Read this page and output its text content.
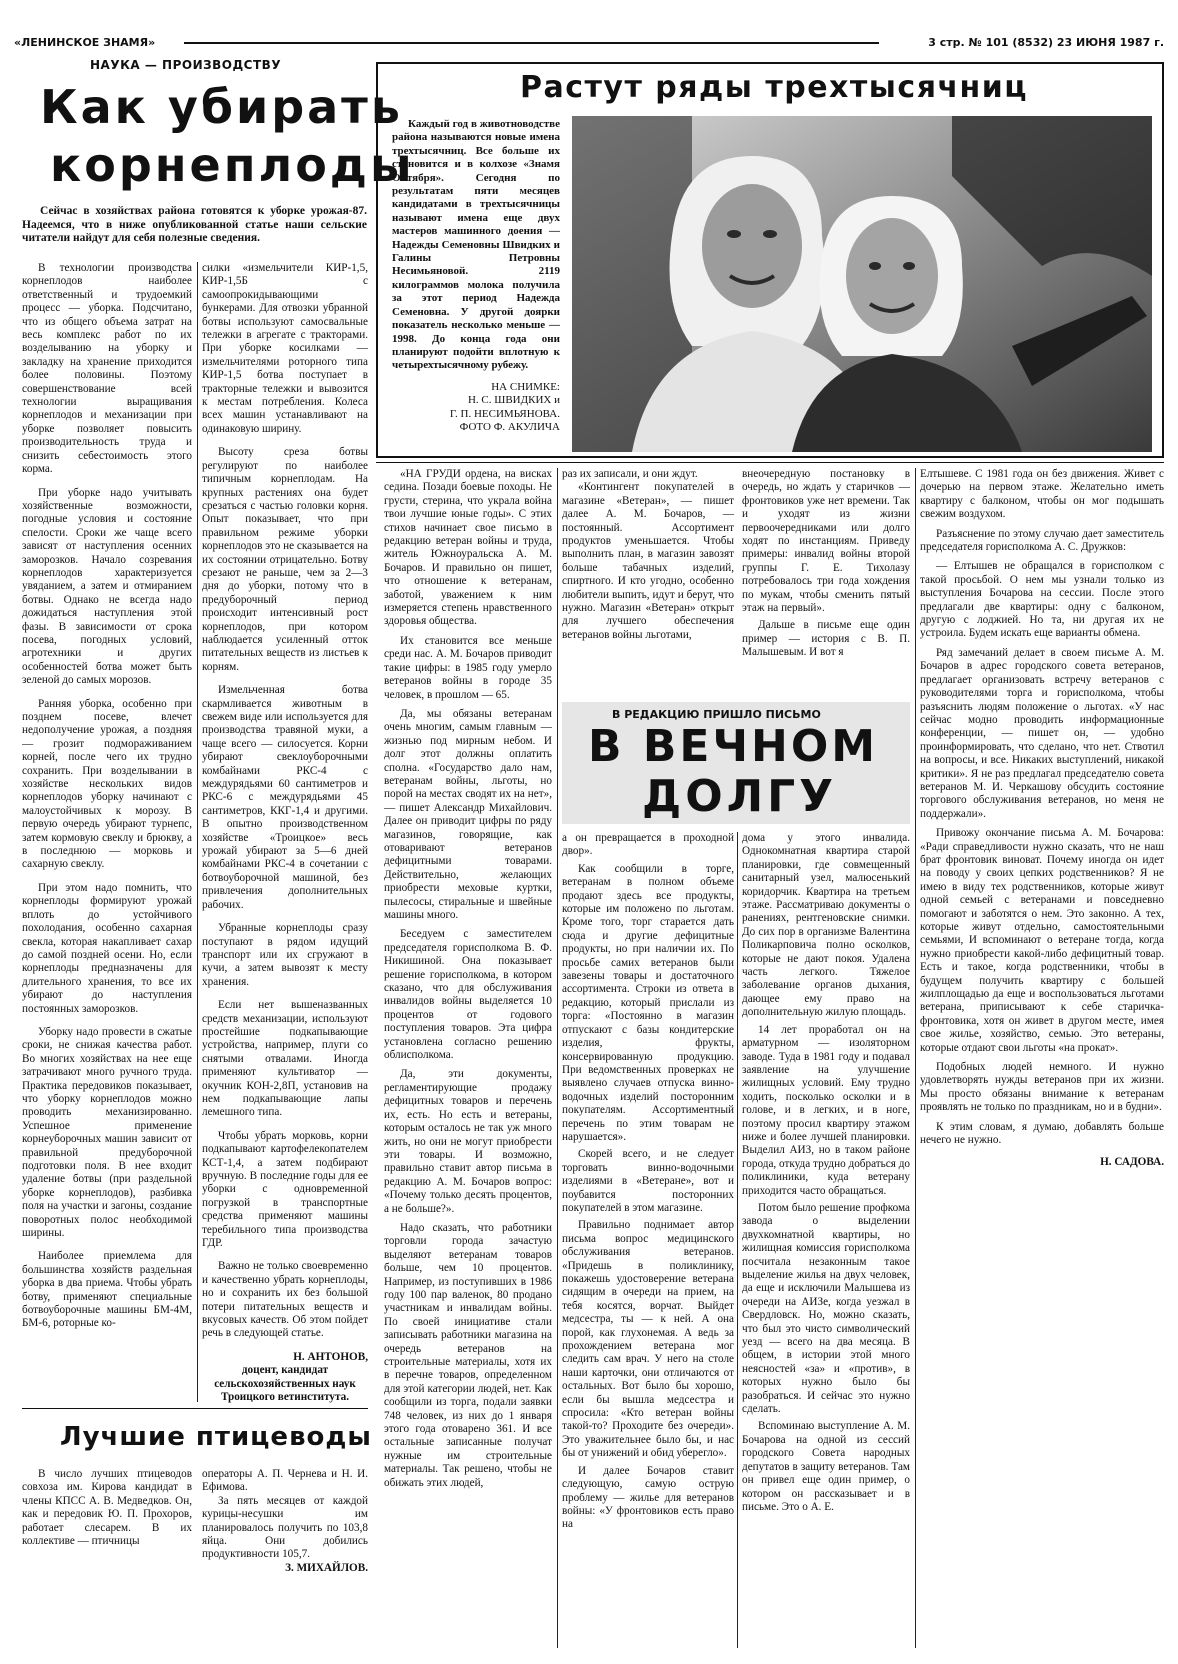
«ЛЕНИНСКОЕ ЗНАМЯ»	3 стр. № 101 (8532) 23 ИЮНЯ 1987 г.
НАУКА — ПРОИЗВОДСТВУ
Как убирать
корнеплоды
Сейчас в хозяйствах района готовятся к уборке урожая-87. Надеемся, что в ниже опубликованной статье наши сельские читатели найдут для себя полезные сведения.

В технологии производства корнеплодов наиболее ответственный и трудоемкий процесс — уборка. Подсчитано, что из общего объема затрат на весь комплекс работ по их возделыванию на уборку и закладку на хранение приходится более половины. Поэтому совершенствование всей технологии выращивания корнеплодов и механизации при уборке позволяет повысить производительность труда и снизить себестоимость этого корма.

При уборке надо учитывать хозяйственные возможности, погодные условия и состояние спелости. Сроки же чаще всего зависят от наступления осенних заморозков. Начало созревания корнеплодов характеризуется увяданием, а затем и отмиранием ботвы. Однако не всегда надо дожидаться наступления этой фазы. В зависимости от срока посева, погодных условий, агротехники и других особенностей ботва может быть зеленой до самых морозов.

Ранняя уборка, особенно при позднем посеве, влечет недополучение урожая, а поздняя — грозит подмораживанием корней, после чего их трудно сохранить. При возделывании в хозяйстве нескольких видов корнеплодов уборку начинают с малоустойчивых к морозу. В первую очередь убирают турнепс, затем кормовую свеклу и брюкву, а в последнюю — морковь и сахарную свеклу.

При этом надо помнить, что корнеплоды формируют урожай вплоть до устойчивого похолодания, особенно сахарная свекла, которая накапливает сахар до самой поздней осени. Но, если корнеплоды предназначены для длительного хранения, то все их убирают до наступления постоянных заморозков.

Уборку надо провести в сжатые сроки, не снижая качества работ. Во многих хозяйствах на нее еще затрачивают много ручного труда. Практика передовиков показывает, что уборку корнеплодов можно проводить механизированно. Успешное применение корнеуборочных машин зависит от правильной предуборочной подготовки поля. В нее входит удаление ботвы (при раздельной уборке корнеплодов), разбивка поля на участки и загоны, создание поворотных полос необходимой ширины.

Наиболее приемлема для большинства хозяйств раздельная уборка в два приема. Чтобы убрать ботву, применяют специальные ботвоуборочные машины БМ-4М, БМ-6, роторные ко-

силки «измельчители КИР-1,5, КИР-1,5Б с самоопрокидывающими бункерами. Для отвозки убранной ботвы используют самосвальные тележки в агрегате с тракторами. При уборке косилками — измельчителями роторного типа КИР-1,5 ботва поступает в тракторные тележки и вывозится к местам потребления. Колеса всех машин устанавливают на одинаковую ширину.

Высоту среза ботвы регулируют по наиболее типичным корнеплодам. На крупных растениях она будет срезаться с частью головки корня. Опыт показывает, что при правильном режиме уборки корнеплодов это не сказывается на их состоянии отрицательно. Ботву срезают не раньше, чем за 2—3 дня до уборки, потому что в предуборочный период происходит интенсивный рост корнеплодов, при котором наблюдается усиленный отток питательных веществ из листьев к корням.

Измельченная ботва скармливается животным в свежем виде или используется для производства травяной муки, а чаще всего — силосуется. Корни убирают свеклоуборочными комбайнами РКС-4 с междурядьями 60 сантиметров и РКС-6 с междурядьями 45 сантиметров, ККГ-1,4 и другими. В опытно производственном хозяйстве «Троицкое» весь урожай убирают за 5—6 дней комбайнами РКС-4 в сочетании с ботвоуборочной машиной, без привлечения дополнительных рабочих.

Убранные корнеплоды сразу поступают в рядом идущий транспорт или их сгружают в кучи, а затем вывозят к месту хранения.

Если нет вышеназванных средств механизации, используют простейшие подкапывающие устройства, например, плуги со снятыми отвалами. Иногда применяют культиватор — окучник КОН-2,8П, установив на нем подкапывающие лапы лемешного типа.

Чтобы убрать морковь, корни подкапывают картофелекопателем КСТ-1,4, а затем подбирают вручную. В последние годы для ее уборки с одновременной погрузкой в транспортные средства применяют машины теребильного типа производства ГДР.

Важно не только своевременно и качественно убрать корнеплоды, но и сохранить их без большой потери питательных веществ и вкусовых качеств. Об этом пойдет речь в следующей статье.

Н. АНТОНОВ,

доцент, кандидат сельскохозяйственных наук Троицкого ветинститута.

Лучшие птицеводы

В число лучших птицеводов совхоза им. Кирова кандидат в члены КПСС А. В. Медведков. Он, как и передовик Ю. П. Прохоров, работает слесарем. В их коллективе — птичницы

операторы А. П. Чернева и Н. И. Ефимова.

За пять месяцев от каждой курицы-несушки им планировалось получить по 103,8 яйца. Они добились продуктивности 105,7.

З. МИХАЙЛОВ.

Растут ряды трехтысячниц

Каждый год в животноводстве района называются новые имена трехтысячниц. Все больше их становится и в колхозе «Знамя Октября». Сегодня по результатам пяти месяцев кандидатами в трехтысячницы называют имена еще двух мастеров машинного доения — Надежды Семеновны Швидких и Галины Петровны Несимьяновой. 2119 килограммов молока получила за этот период Надежда Семеновна. У другой доярки показатель несколько меньше — 1998. До конца года они планируют подойти вплотную к четырехтысячному рубежу.

НА СНИМКЕ:
Н. С. ШВИДКИХ и
Г. П. НЕСИМЬЯНОВА.
ФОТО Ф. АКУЛИЧА

«НА ГРУДИ ордена, на висках седина. Позади боевые походы. Не грусти, стерина, что украла война твои лучшие юные годы». С этих стихов начинает свое письмо в редакцию ветеран войны и труда, житель Южноуральска А. М. Бочаров. И правильно он пишет, что отношение к ветеранам, заботой, уважением к ним измеряется степень нравственного здоровья общества.

Их становится все меньше среди нас. А. М. Бочаров приводит такие цифры: в 1985 году умерло ветеранов войны в городе 35 человек, в прошлом — 65.

Да, мы обязаны ветеранам очень многим, самым главным — жизнью под мирным небом. И долг этот должны оплатить сполна. «Государство дало нам, ветеранам войны, льготы, но порой на местах сводят их на нет», — пишет Александр Михайлович. Далее он приводит цифры по ряду магазинов, говорящие, как отоваривают ветеранов дефицитными товарами. Действительно, желающих приобрести меховые куртки, пылесосы, стиральные и швейные машины много.

Беседуем с заместителем председателя горисполкома В. Ф. Никишиной. Она показывает решение горисполкома, в котором сказано, что для обслуживания инвалидов войны выделяется 10 процентов от годового поступления товаров. Эта цифра установлена согласно решению облисполкома.

Да, эти документы, регламентирующие продажу дефицитных товаров и перечень их, есть. Но есть и ветераны, которым осталось не так уж много жить, но они не могут приобрести эти товары. И возможно, правильно ставит автор письма в редакцию А. М. Бочаров вопрос: «Почему только десять процентов, а не больше?».

Надо сказать, что работники торговли города зачастую выделяют ветеранам товаров больше, чем 10 процентов. Например, из поступивших в 1986 году 100 пар валенок, 80 продано участникам и инвалидам войны. По своей инициативе стали записывать работники магазина на очередь ветеранов на строительные материалы, хотя их в перечне товаров, определенном для этой категории людей, нет. Как сообщили из торга, подали заявки 748 человек, из них до 1 января этого года отоварено 361. И все остальные записанные получат нужные им строительные материалы. Так решено, чтобы не обижать этих людей,

раз их записали, и они ждут.

«Контингент покупателей в магазине «Ветеран», — пишет далее А. М. Бочаров, — постоянный. Ассортимент продуктов уменьшается. Чтобы выполнить план, в магазин завозят больше табачных изделий, спиртного. И кто угодно, особенно любители выпить, идут и берут, что нужно. Магазин «Ветеран» открыт для лучшего обеспечения ветеранов войны льготами,

внеочередную постановку в очередь, но ждать у старичков — фронтовиков уже нет времени. Так и уходят из жизни первоочередниками или долго ходят по инстанциям. Приведу примеры: инвалид войны второй группы Г. Е. Тихолазу потребовалось три года хождения по мукам, чтобы сменить пятый этаж на первый».

Дальше в письме еще один пример — история с В. П. Малышевым. И вот я

В РЕДАКЦИЮ ПРИШЛО ПИСЬМО
В ВЕЧНОМ
ДОЛГУ

а он превращается в проходной двор».

Как сообщили в торге, ветеранам в полном объеме продают здесь все продукты, которые им положено по льготам. Кроме того, торг старается дать сюда и другие дефицитные продукты, но при наличии их. По просьбе самих ветеранов были завезены товары и достаточного ассортимента. Строки из ответа в редакцию, который прислали из торга: «Постоянно в магазин отпускают с базы кондитерские изделия, фрукты, консервированную продукцию. При ведомственных проверках не выявлено случаев отпуска винно-водочных изделий посторонним покупателям. Ассортиментный перечень по этим товарам не нарушается».

Скорей всего, и не следует торговать винно-водочными изделиями в «Ветеране», вот и поубавится посторонних покупателей в этом магазине.

Правильно поднимает автор письма вопрос медицинского обслуживания ветеранов. «Придешь в поликлинику, покажешь удостоверение ветерана сидящим в очереди на прием, на тебя косятся, ворчат. Выйдет медсестра, ты — к ней. А она порой, как глухонемая. А ведь за прохождением ветерана мог следить сам врач. У него на столе наши карточки, они отличаются от остальных. Вот было бы хорошо, если бы вышла медсестра и спросила: «Кто ветеран войны такой-то? Проходите без очереди». Это уважительнее было бы, и нас бы от унижений и обид уберегло».

И далее Бочаров ставит следующую, самую острую проблему — жилье для ветеранов войны: «У фронтовиков есть право на

дома у этого инвалида. Однокомнатная квартира старой планировки, где совмещенный санитарный узел, малюсенький коридорчик. Квартира на третьем этаже. Рассматриваю документы о ранениях, рентгеновские снимки. До сих пор в организме Валентина Поликарповича полно осколков, которые не дают покоя. Удалена часть легкого. Тяжелое заболевание органов дыхания, дающее ему право на дополнительную жилую площадь.

14 лет проработал он на арматурном — изоляторном заводе. Туда в 1981 году и подавал заявление на улучшение жилищных условий. Ему трудно ходить, посколько осколки и в голове, и в легких, и в ноге, поэтому просил квартиру этажом ниже и более лучшей планировки. Выделил АИЗ, но в таком районе города, откуда трудно добраться до поликлиники, куда ветерану приходится часто обращаться.

Потом было решение профкома завода о выделении двухкомнатной квартиры, но жилищная комиссия горисполкома посчитала незаконным такое выделение жилья на двух человек, да еще и исключили Малышева из очереди на АИЗе, когда уезжал в Свердловск. Но, можно сказать, что был это чисто символический уезд — всего на два месяца. В общем, в истории этой много неясностей «за» и «против», в которых нужно было бы разобраться. И сейчас это нужно сделать.

Вспоминаю выступление А. М. Бочарова на одной из сессий городского Совета народных депутатов в защиту ветеранов. Там он привел еще один пример, о котором он рассказывает и в письме. Это о А. Е.

Елтышеве. С 1981 года он без движения. Живет с дочерью на первом этаже. Желательно иметь квартиру с балконом, чтобы он мог подышать свежим воздухом.

Разъяснение по этому случаю дает заместитель председателя горисполкома А. С. Дружков:

— Елтышев не обращался в горисполком с такой просьбой. О нем мы узнали только из выступления Бочарова на сессии. После этого предлагали две квартиры: одну с балконом, другую с лоджией. Но та, ни другая их не устроила. Будем искать еще варианты обмена.

Ряд замечаний делает в своем письме А. М. Бочаров в адрес городского совета ветеранов, предлагает организовать встречу ветеранов с руководителями торга и горисполкома, чтобы разъяснить людям положение о льготах. «У нас сейчас модно проводить информационные конференции, — пишет он, — удобно проинформировать, что сделано, что нет. Ствотил на вопросы, и все. Никаких выступлений, никакой критики». Я не раз предлагал председателю совета ветеранов М. И. Черкашову обсудить состояние торгового обслуживания ветеранов, но меня не поддержали».

Привожу окончание письма А. М. Бочарова: «Ради справедливости нужно сказать, что не наш брат фронтовик виноват. Почему иногда он идет на поводу у своих цепких родственников? Я не имею в виду тех родственников, которые живут одной семьей с ветеранами и повседневно помогают и заботятся о нем. Это законно. А тех, которые живут отдельно, самостоятельными семьями, И вспоминают о ветеране тогда, когда нужно приобрести какой-либо дефицитный товар. Есть и такое, когда родственники, чтобы в будущем получить квартиру с большей жилплощадью да еще и воспользоваться льготами ветерана, приписывают к себе старичка- фронтовика, хотя он живет в другом месте, имея свое жилье, хозяйство, семью. Это ветераны, которые отдают свои льготы «на прокат».

Подобных людей немного. И нужно удовлетворять нужды ветеранов при их жизни. Мы просто обязаны внимание к ветеранам проявлять не только по праздникам, но и в будни».

К этим словам, я думаю, добавлять больше нечего не нужно.

Н. САДОВА.
